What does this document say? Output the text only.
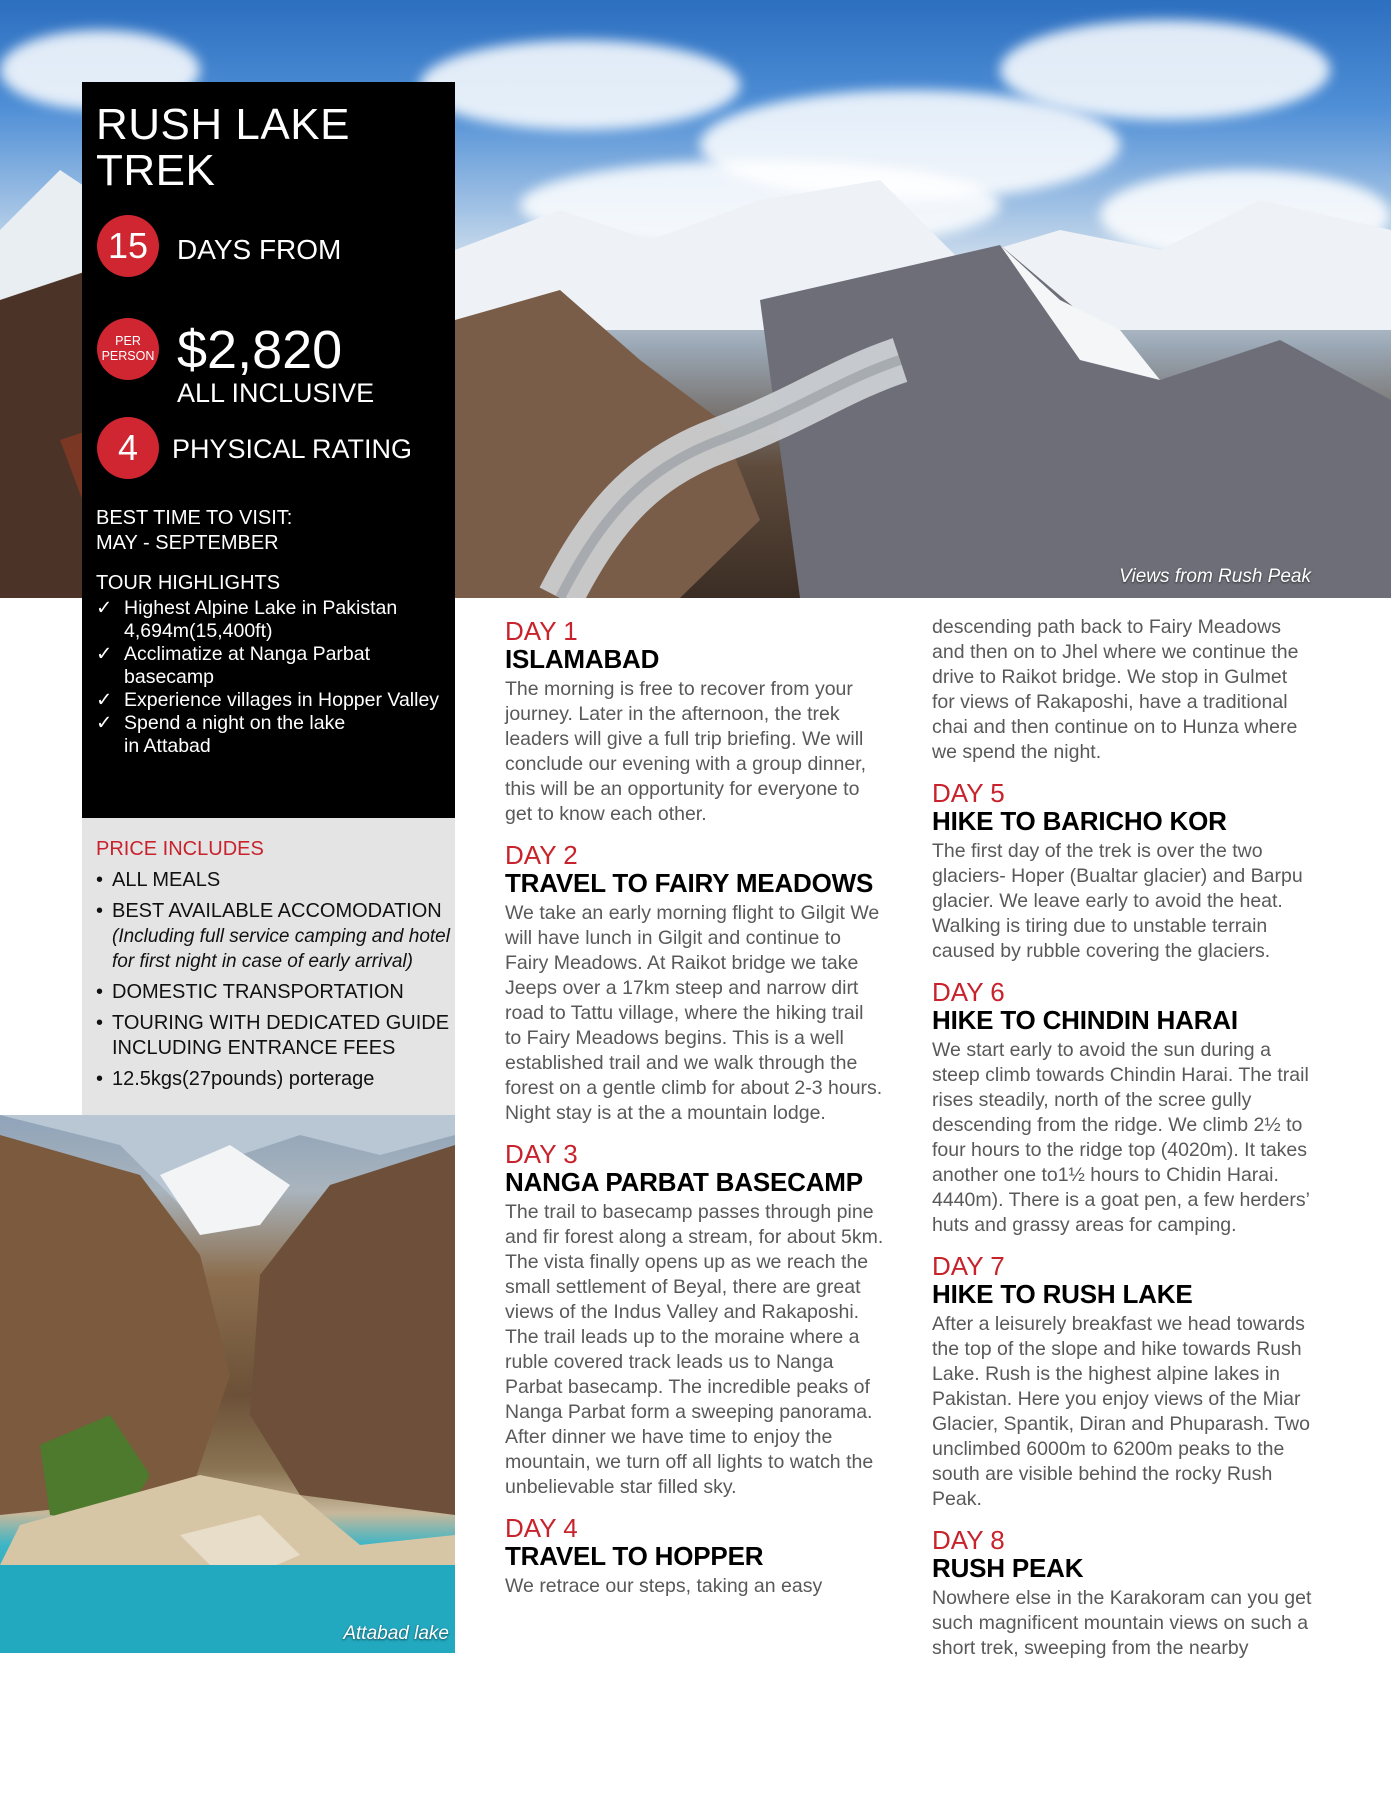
Views from Rush Peak
RUSH LAKE
TREK
15	DAYS FROM
PER
PERSON $2,820
ALL INCLUSIVE
4	PHYSICAL RATING
BEST TIME TO VISIT:
MAY - SEPTEMBER
TOUR HIGHLIGHTS
✓ Highest Alpine Lake in Pakistan
4,694m(15,400ft)
✓ Acclimatize at Nanga Parbat
basecamp
✓ Experience villages in Hopper Valley
✓ Spend a night on the lake
in Attabad
PRICE INCLUDES
• ALL MEALS
• BEST AVAILABLE ACCOMODATION
(Including full service camping and hotel for first night in case of early arrival)
• DOMESTIC TRANSPORTATION
• TOURING WITH DEDICATED GUIDE INCLUDING ENTRANCE FEES
• 12.5kgs(27pounds) porterage
Attabad lake
DAY 1
ISLAMABAD

The morning is free to recover from your journey. Later in the afternoon, the trek leaders will give a full trip briefing. We will conclude our evening with a group dinner, this will be an opportunity for everyone to get to know each other.

DAY 2
TRAVEL TO FAIRY MEADOWS

We take an early morning flight to Gilgit We will have lunch in Gilgit and continue to Fairy Meadows. At Raikot bridge we take Jeeps over a 17km steep and narrow dirt road to Tattu village, where the hiking trail to Fairy Meadows begins. This is a well established trail and we walk through the forest on a gentle climb for about 2-3 hours. Night stay is at the a mountain lodge.

DAY 3
NANGA PARBAT BASECAMP

The trail to basecamp passes through pine and fir forest along a stream, for about 5km. The vista finally opens up as we reach the small settlement of Beyal, there are great views of the Indus Valley and Rakaposhi. The trail leads up to the moraine where a ruble covered track leads us to Nanga Parbat basecamp. The incredible peaks of Nanga Parbat form a sweeping panorama. After dinner we have time to enjoy the mountain, we turn off all lights to watch the unbelievable star filled sky.

DAY 4
TRAVEL TO HOPPER

We retrace our steps, taking an easy

descending path back to Fairy Meadows and then on to Jhel where we continue the drive to Raikot bridge. We stop in Gulmet for views of Rakaposhi, have a traditional chai and then continue on to Hunza where we spend the night.

DAY 5
HIKE TO BARICHO KOR

The first day of the trek is over the two glaciers- Hoper (Bualtar glacier) and Barpu glacier. We leave early to avoid the heat. Walking is tiring due to unstable terrain caused by rubble covering the glaciers.

DAY 6
HIKE TO CHINDIN HARAI

We start early to avoid the sun during a steep climb towards Chindin Harai. The trail rises steadily, north of the scree gully descending from the ridge. We climb 2½ to four hours to the ridge top (4020m). It takes another one to1½ hours to Chidin Harai. 4440m). There is a goat pen, a few herders’ huts and grassy areas for camping.

DAY 7
HIKE TO RUSH LAKE

After a leisurely breakfast we head towards the top of the slope and hike towards Rush Lake. Rush is the highest alpine lakes in Pakistan. Here you enjoy views of the Miar Glacier, Spantik, Diran and Phuparash. Two unclimbed 6000m to 6200m peaks to the south are visible behind the rocky Rush Peak.

DAY 8
RUSH PEAK

Nowhere else in the Karakoram can you get such magnificent mountain views on such a short trek, sweeping from the nearby
